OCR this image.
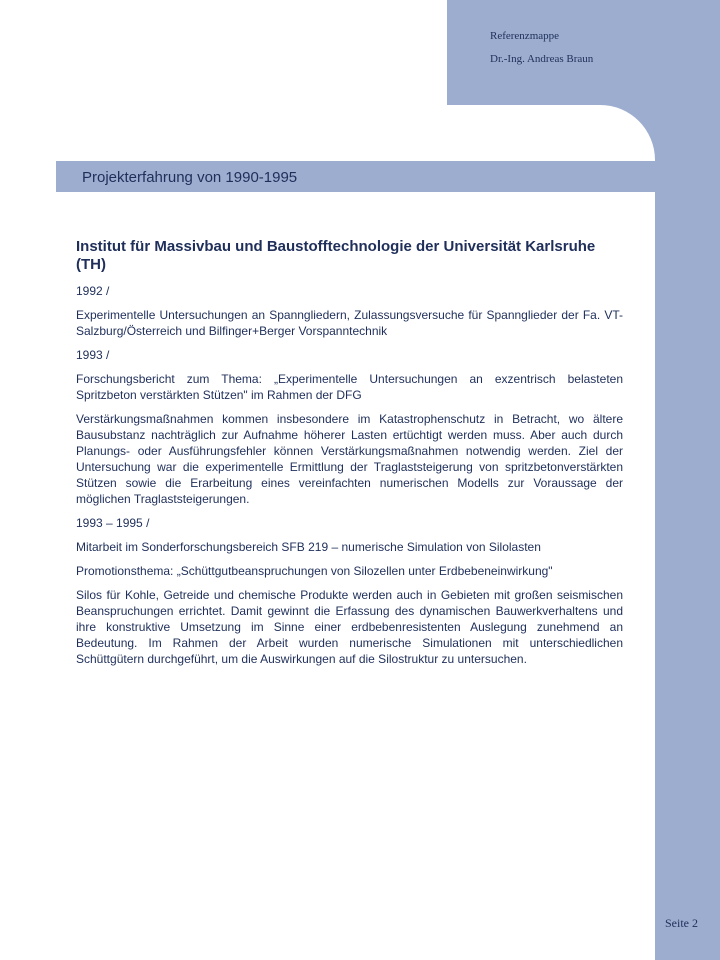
Referenzmappe
Dr.-Ing. Andreas Braun
Projekterfahrung von 1990-1995
Institut für Massivbau und Baustofftechnologie der Universität Karlsruhe (TH)

1992 /

Experimentelle Untersuchungen an Spanngliedern, Zulassungsversuche für Spannglieder der Fa. VT-Salzburg/Österreich und Bilfinger+Berger Vorspanntechnik

1993 /

Forschungsbericht zum Thema: „Experimentelle Untersuchungen an exzentrisch belasteten Spritzbeton verstärkten Stützen" im Rahmen der DFG

Verstärkungsmaßnahmen kommen insbesondere im Katastrophenschutz in Betracht, wo ältere Bausubstanz nachträglich zur Aufnahme höherer Lasten ertüchtigt werden muss. Aber auch durch Planungs- oder Ausführungsfehler können Verstärkungsmaßnahmen notwendig werden. Ziel der Untersuchung war die experimentelle Ermittlung der Traglaststeigerung von spritzbetonverstärkten Stützen sowie die Erarbeitung eines vereinfachten numerischen Modells zur Voraussage der möglichen Traglaststeigerungen.

1993 – 1995 /

Mitarbeit im Sonderforschungsbereich SFB 219 – numerische Simulation von Silolasten

Promotionsthema: „Schüttgutbeanspruchungen von Silozellen unter Erdbebeneinwirkung"

Silos für Kohle, Getreide und chemische Produkte werden auch in Gebieten mit großen seismischen Beanspruchungen errichtet. Damit gewinnt die Erfassung des dynamischen Bauwerkverhaltens und ihre konstruktive Umsetzung im Sinne einer erdbebenresistenten Auslegung zunehmend an Bedeutung. Im Rahmen der Arbeit wurden numerische Simulationen mit unterschiedlichen Schüttgütern durchgeführt, um die Auswirkungen auf die Silostruktur zu untersuchen.

Seite 2
